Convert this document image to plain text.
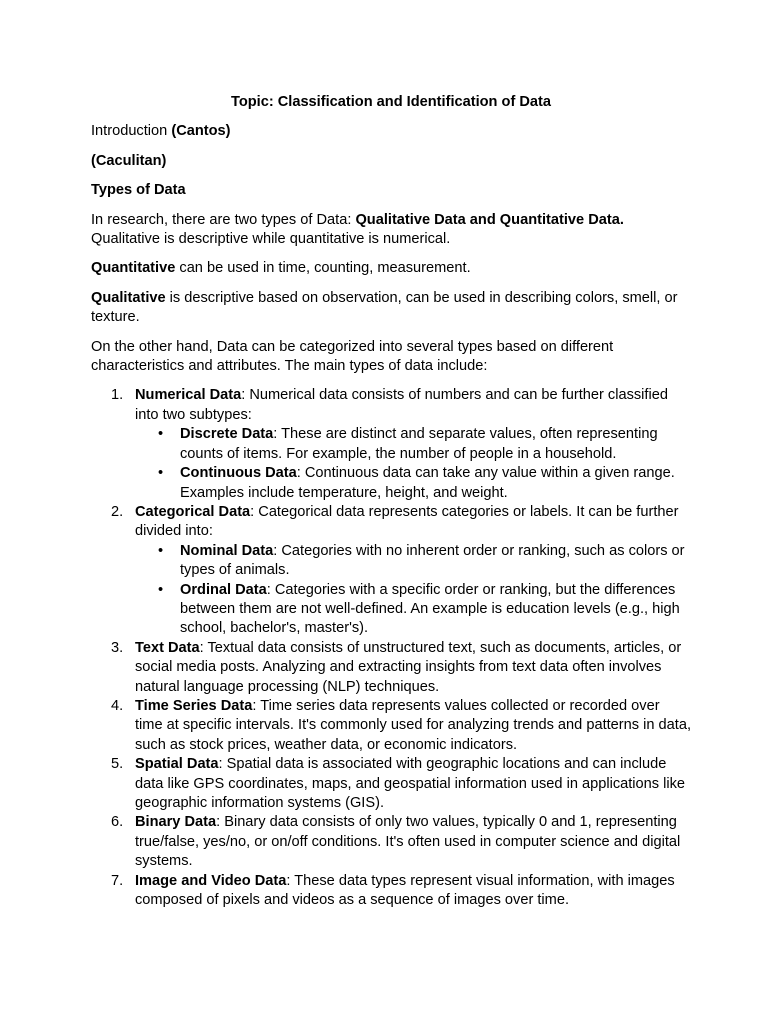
Topic: Classification and Identification of Data

Introduction (Cantos)

(Caculitan)

Types of Data

In research, there are two types of Data: Qualitative Data and Quantitative Data. Qualitative is descriptive while quantitative is numerical.

Quantitative can be used in time, counting, measurement.

Qualitative is descriptive based on observation, can be used in describing colors, smell, or texture.

On the other hand, Data can be categorized into several types based on different characteristics and attributes. The main types of data include:

1. Numerical Data: Numerical data consists of numbers and can be further classified into two subtypes:
• Discrete Data: These are distinct and separate values, often representing counts of items. For example, the number of people in a household.
• Continuous Data: Continuous data can take any value within a given range. Examples include temperature, height, and weight.
2. Categorical Data: Categorical data represents categories or labels. It can be further divided into:
• Nominal Data: Categories with no inherent order or ranking, such as colors or types of animals.
• Ordinal Data: Categories with a specific order or ranking, but the differences between them are not well-defined. An example is education levels (e.g., high school, bachelor's, master's).
3. Text Data: Textual data consists of unstructured text, such as documents, articles, or social media posts. Analyzing and extracting insights from text data often involves natural language processing (NLP) techniques.
4. Time Series Data: Time series data represents values collected or recorded over time at specific intervals. It's commonly used for analyzing trends and patterns in data, such as stock prices, weather data, or economic indicators.
5. Spatial Data: Spatial data is associated with geographic locations and can include data like GPS coordinates, maps, and geospatial information used in applications like geographic information systems (GIS).
6. Binary Data: Binary data consists of only two values, typically 0 and 1, representing true/false, yes/no, or on/off conditions. It's often used in computer science and digital systems.
7. Image and Video Data: These data types represent visual information, with images composed of pixels and videos as a sequence of images over time.
